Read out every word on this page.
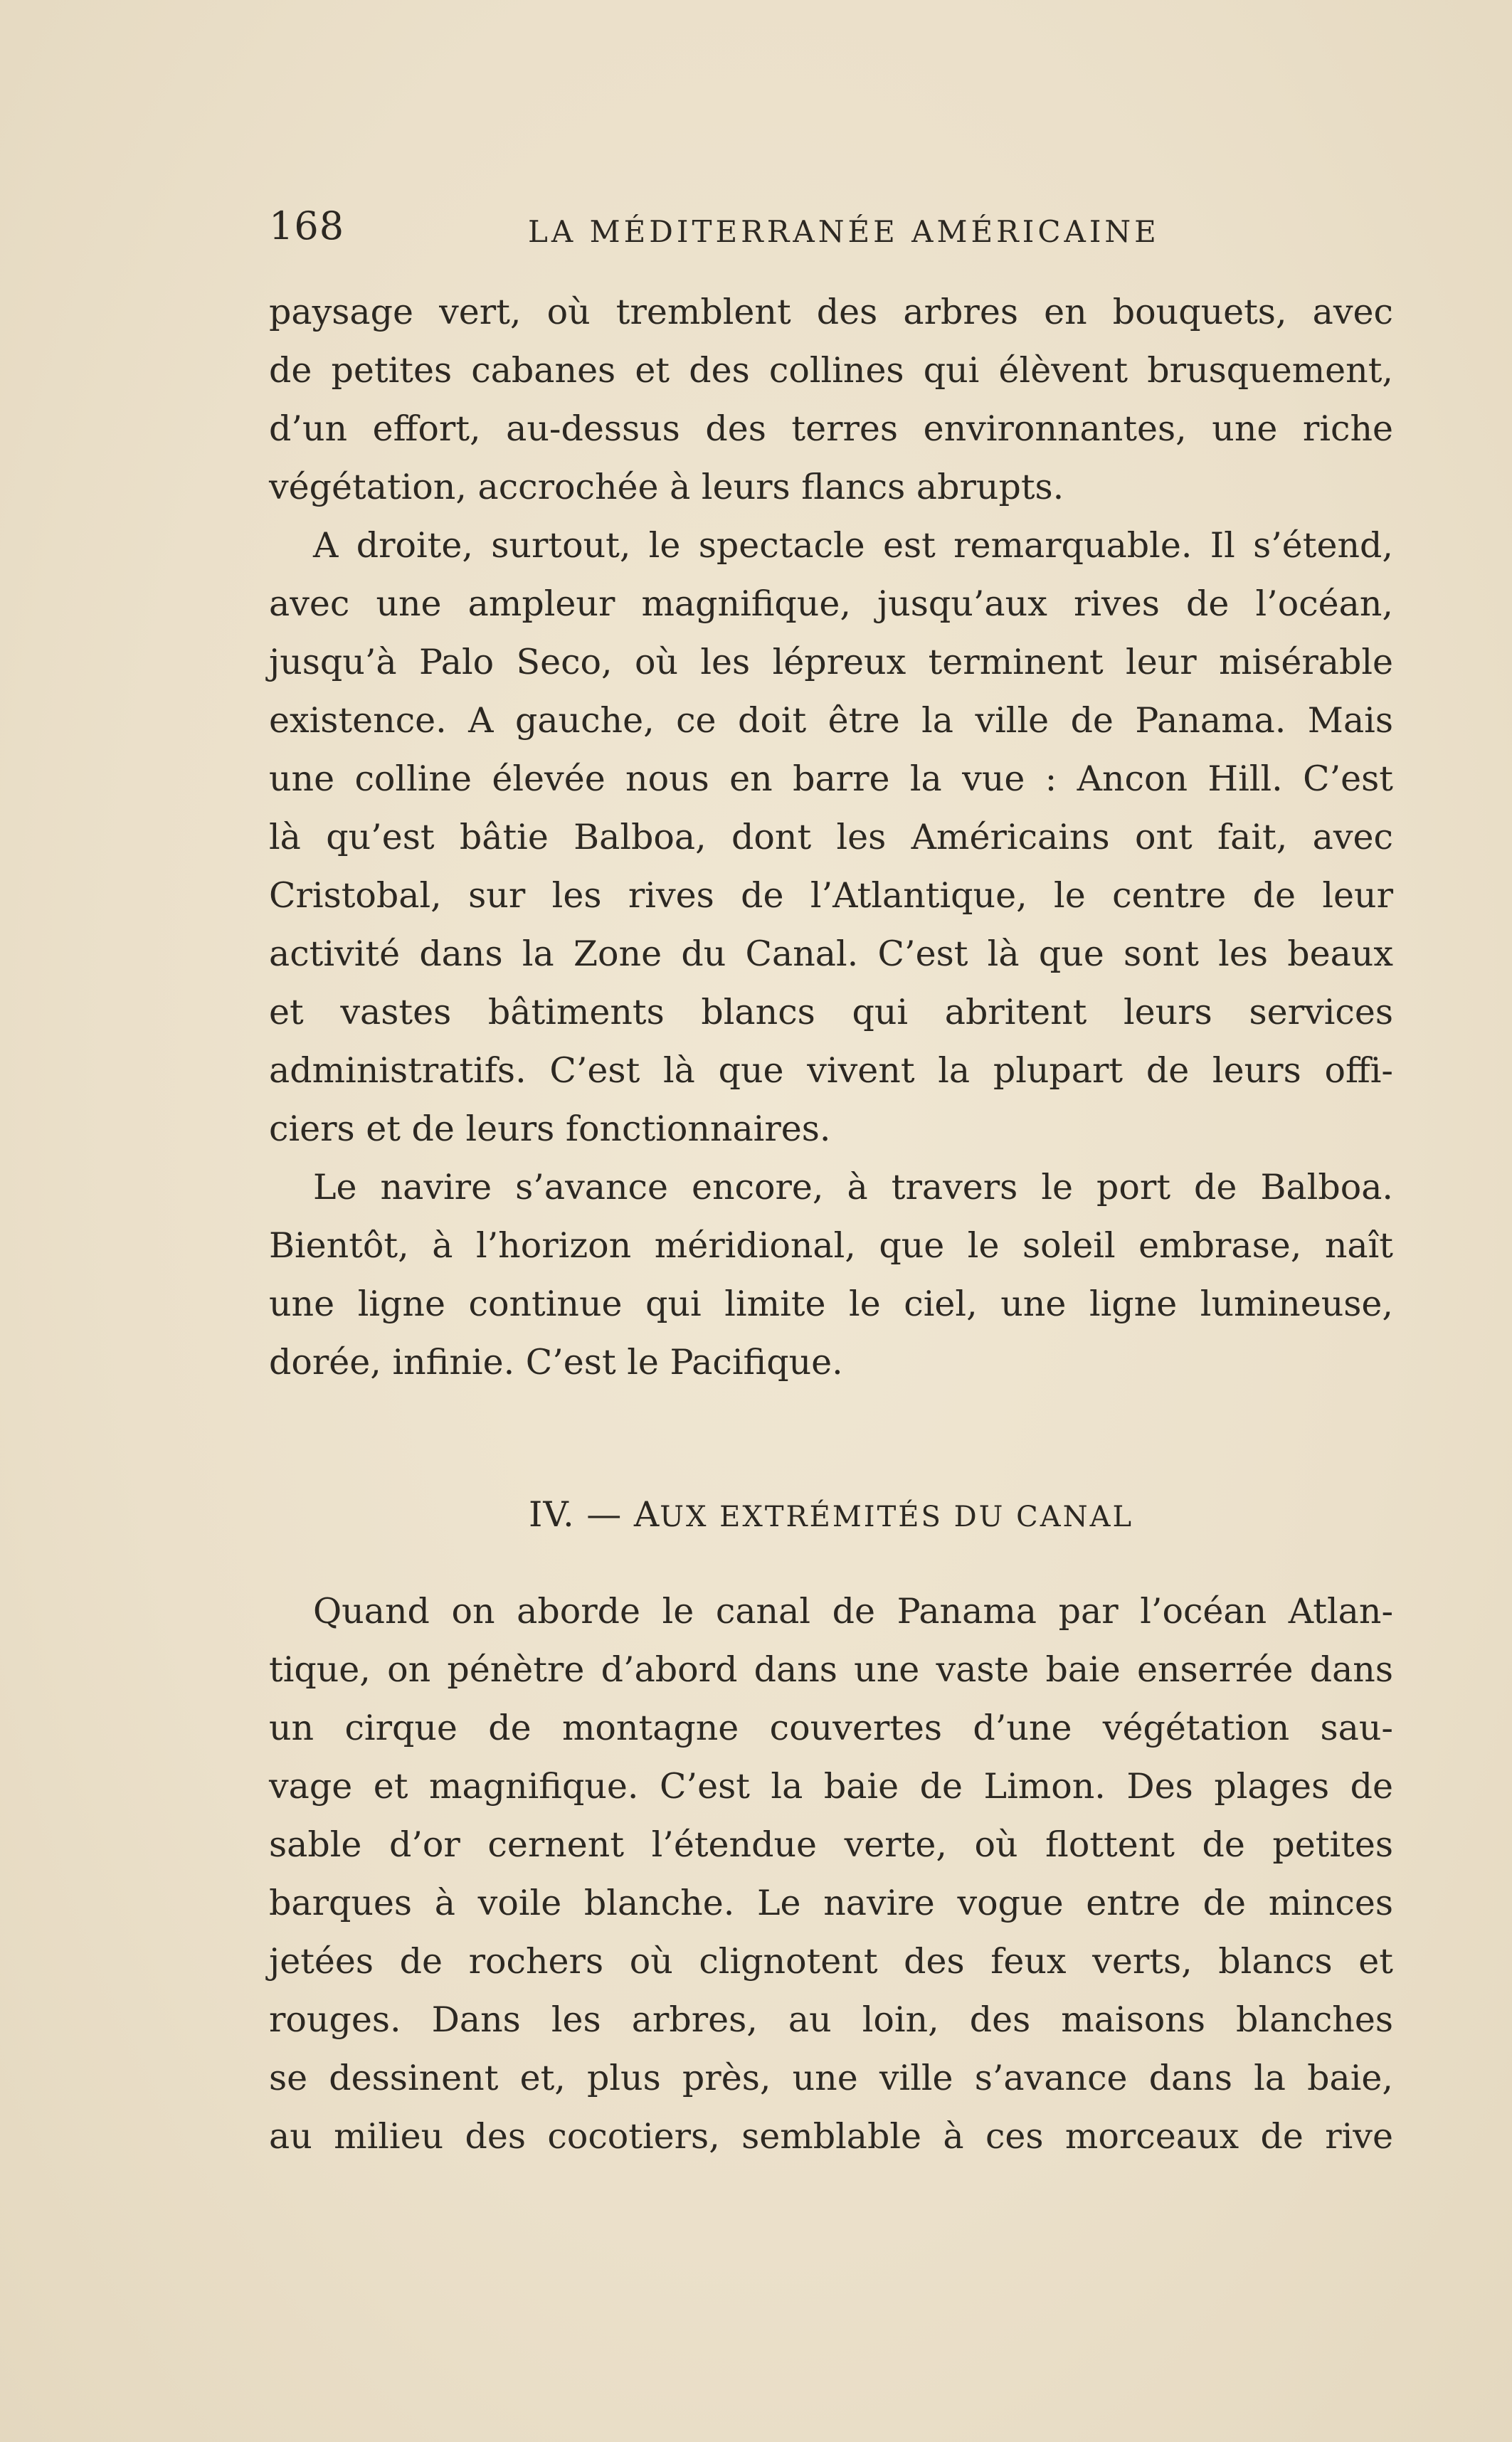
168	LA MÉDITERRANÉE AMÉRICAINE
paysage vert, où tremblent des arbres en bouquets, avec
de petites cabanes et des collines qui élèvent brusquement,
d’un effort, au-dessus des terres environnantes, une riche
végétation, accrochée à leurs flancs abrupts.
A droite, surtout, le spectacle est remarquable. Il s’étend,
avec une ampleur magnifique, jusqu’aux rives de l’océan,
jusqu’à Palo Seco, où les lépreux terminent leur misérable
existence. A gauche, ce doit être la ville de Panama. Mais
une colline élevée nous en barre la vue : Ancon Hill. C’est
là qu’est bâtie Balboa, dont les Américains ont fait, avec
Cristobal, sur les rives de l’Atlantique, le centre de leur
activité dans la Zone du Canal. C’est là que sont les beaux
et vastes bâtiments blancs qui abritent leurs services
administratifs. C’est là que vivent la plupart de leurs offi-
ciers et de leurs fonctionnaires.
Le navire s’avance encore, à travers le port de Balboa.
Bientôt, à l’horizon méridional, que le soleil embrase, naît
une ligne continue qui limite le ciel, une ligne lumineuse,
dorée, infinie. C’est le Pacifique.
IV. — AUX EXTRÉMITÉS DU CANAL
Quand on aborde le canal de Panama par l’océan Atlan-
tique, on pénètre d’abord dans une vaste baie enserrée dans
un cirque de montagne couvertes d’une végétation sau-
vage et magnifique. C’est la baie de Limon. Des plages de
sable d’or cernent l’étendue verte, où flottent de petites
barques à voile blanche. Le navire vogue entre de minces
jetées de rochers où clignotent des feux verts, blancs et
rouges. Dans les arbres, au loin, des maisons blanches
se dessinent et, plus près, une ville s’avance dans la baie,
au milieu des cocotiers, semblable à ces morceaux de rive
